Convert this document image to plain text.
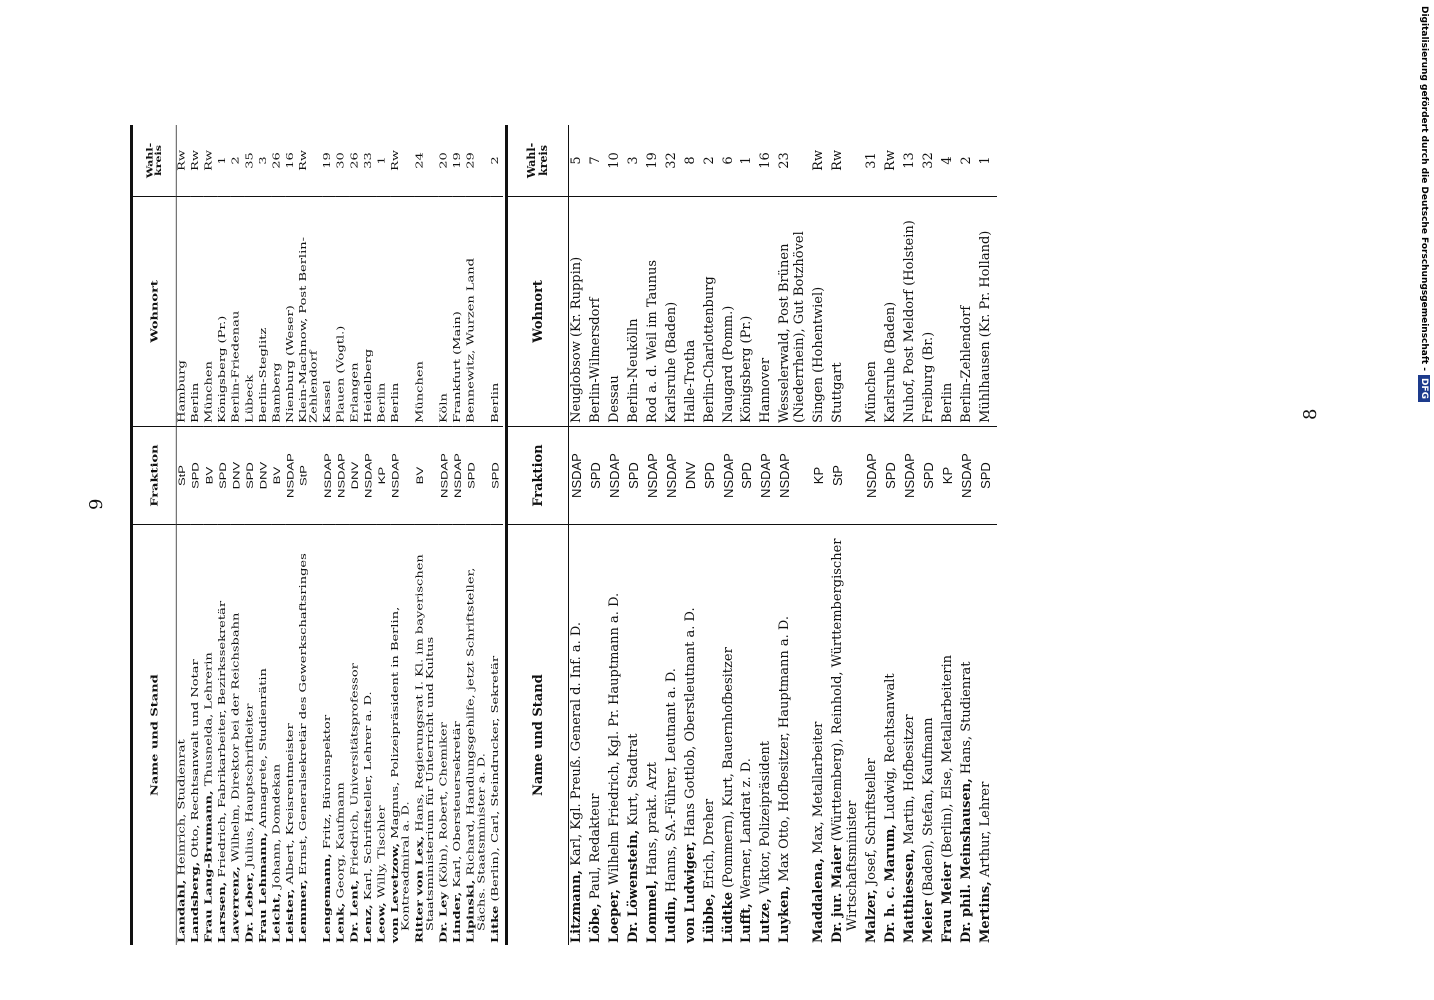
9
8
Name und Stand	Fraktion	Wohnort	Wahl- kreis
Landahl, Heinrich, Studienrat	StP	Hamburg	Rw
Landsberg, Otto, Rechtsanwalt und Notar	SPD	Berlin	Rw
Frau Lang-Brumann, Thusnelda, Lehrerin	BV	München	Rw
Larssen, Friedrich, Fabrikarbeiter, Bezirkssekretär	SPD	Königsberg (Pr.)	1
Laverrenz, Wilhelm, Direktor bei der Reichsbahn	DNV	Berlin-Friedenau	2
Dr. Leber, Julius, Hauptschriftleiter	SPD	Lübeck	35
Frau Lehmann, Annagrete, Studienrätin	DNV	Berlin-Steglitz	3
Leicht, Johann, Domdekan	BV	Bamberg	26
Leister, Albert, Kreisrentmeister	NSDAP	Nienburg (Weser)	16
Lemmer, Ernst, Generalsekretär des Gewerkschaftsringes	StP	Klein-Machnow, Post Berlin-Zehlendorf	Rw
Lengemann, Fritz, Büroinspektor	NSDAP	Kassel	19
Lenk, Georg, Kaufmann	NSDAP	Plauen (Vogtl.)	30
Dr. Lent, Friedrich, Universitätsprofessor	DNV	Erlangen	26
Lenz, Karl, Schriftsteller, Lehrer a. D.	NSDAP	Heidelberg	33
Leow, Willy, Tischler	KP	Berlin	1
von Levetzow, Magnus, Polizeipräsident in Berlin, Kontreadmiral a. D.	NSDAP	Berlin	Rw
Ritter von Lex, Hans, Regierungsrat I. Kl. im bayerischen Staatsministerium für Unterricht und Kultus	BV	München	24
Dr. Ley (Köln), Robert, Chemiker	NSDAP	Köln	20
Linder, Karl, Obersteuersekretär	NSDAP	Frankfurt (Main)	19
Lipinski, Richard, Handlungsgehilfe, jetzt Schriftsteller, Sächs. Staatsminister a. D.	SPD	Bennewitz, Wurzen Land	29
Litke (Berlin), Carl, Steindrucker, Sekretär	SPD	Berlin	2
Name und Stand	Fraktion	Wohnort	Wahl- kreis
Litzmann, Karl, Kgl. Preuß. General d. Inf. a. D.	NSDAP	Neuglobsow (Kr. Ruppin)	5
Löbe, Paul, Redakteur	SPD	Berlin-Wilmersdorf	7
Loeper, Wilhelm Friedrich, Kgl. Pr. Hauptmann a. D.	NSDAP	Dessau	10
Dr. Löwenstein, Kurt, Stadtrat	SPD	Berlin-Neukölln	3
Lommel, Hans, prakt. Arzt	NSDAP	Rod a. d. Weil im Taunus	19
Ludin, Hanns, SA.-Führer, Leutnant a. D.	NSDAP	Karlsruhe (Baden)	32
von Ludwiger, Hans Gottlob, Oberstleutnant a. D.	DNV	Halle-Trotha	8
Lübbe, Erich, Dreher	SPD	Berlin-Charlottenburg	2
Lüdtke (Pommern), Kurt, Bauernhofbesitzer	NSDAP	Naugard (Pomm.)	6
Lufft, Werner, Landrat z. D.	SPD	Königsberg (Pr.)	1
Lutze, Viktor, Polizeipräsident	NSDAP	Hannover	16
Luyken, Max Otto, Hofbesitzer, Hauptmann a. D.	NSDAP	Wesselerwald, Post Brünen (Niederrhein), Gut Botzhövel	23
Maddalena, Max, Metallarbeiter	KP	Singen (Hohentwiel)	Rw
Dr. jur. Maier (Württemberg), Reinhold, Württembergischer Wirtschaftsminister	StP	Stuttgart	Rw
Malzer, Josef, Schriftsteller	NSDAP	München	31
Dr. h. c. Marum, Ludwig, Rechtsanwalt	SPD	Karlsruhe (Baden)	Rw
Matthiessen, Martin, Hofbesitzer	NSDAP	Nuhof, Post Meldorf (Holstein)	13
Meier (Baden), Stefan, Kaufmann	SPD	Freiburg (Br.)	32
Frau Meier (Berlin), Else, Metallarbeiterin	KP	Berlin	4
Dr. phil. Meinshausen, Hans, Studienrat	NSDAP	Berlin-Zehlendorf	2
Mertins, Arthur, Lehrer	SPD	Mühlhausen (Kr. Pr. Holland)	1	Digitalisierung gefördert durch die Deutsche Forschungsgemeinschaft -DFG
